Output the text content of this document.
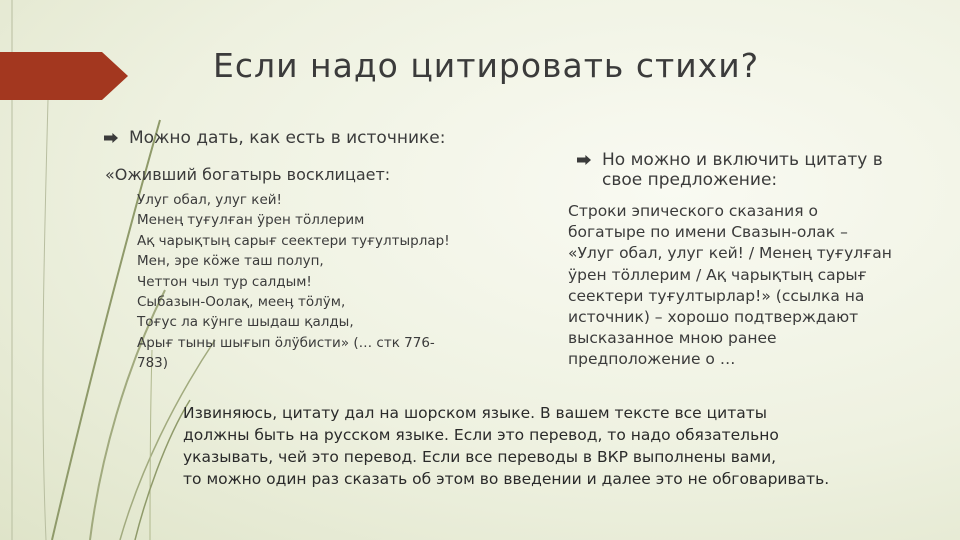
Если надо цитировать стихи?
Можно дать, как есть в источнике:

«Оживший богатырь восклицает:

Улуг обал, улуг кей!
Менең туғулған ӱрен тӧллерим
Ақ чарықтың сарығ сеектери туғултырлар!
Мен, эре кӧже таш полуп,
Четтон чыл тур салдым!
Сыбазын-Оолақ, мееӊ тӧлӱм,
Тоғус ла кӱнге шыдаш қалды,
Арығ тыны шығып ӧлӱбисти» (… стк 776-
783)
Но можно и включить цитату в свое предложение:

Строки эпического сказания о богатыре по имени Свазын-олак – «Улуг обал, улуг кей! / Менең туғулған ӱрен тӧллерим / Ақ чарықтың сарығ сеектери туғултырлар!» (ссылка на источник) – хорошо подтверждают высказанное мною ранее предположение о …

Извиняюсь, цитату дал на шорском языке. В вашем тексте все цитаты
должны быть на русском языке. Если это перевод, то надо обязательно
указывать, чей это перевод. Если все переводы в ВКР выполнены вами,
то можно один раз сказать об этом во введении и далее это не обговаривать.
